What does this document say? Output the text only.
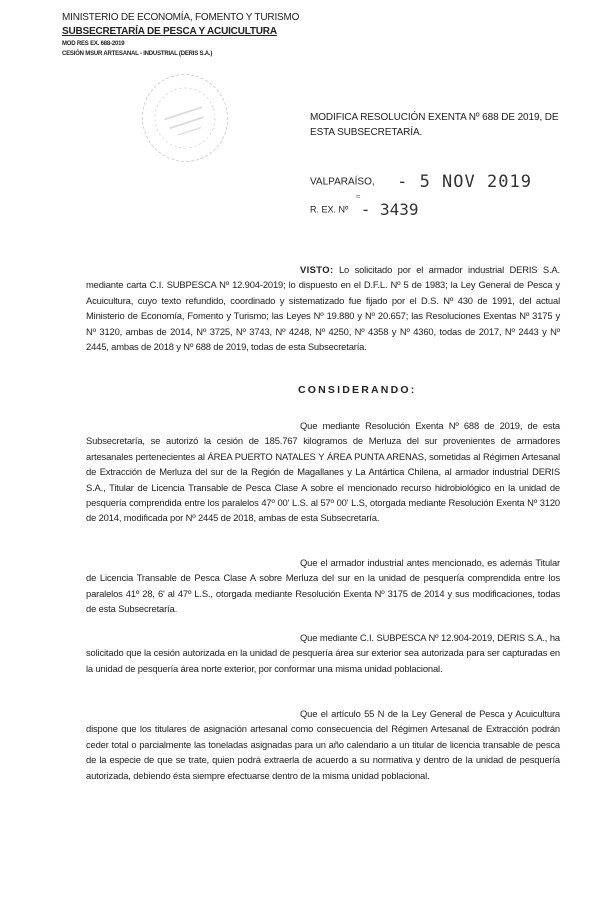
MINISTERIO DE ECONOMÍA, FOMENTO Y TURISMO
SUBSECRETARÍA DE PESCA Y ACUICULTURA
MOD RES EX. 688-2019
CESIÓN MSUR ARTESANAL - INDUSTRIAL (DERIS S.A.)
MODIFICA RESOLUCIÓN EXENTA Nº 688 DE 2019, DE ESTA SUBSECRETARÍA.
VALPARAÍSO, - 5 NOV 2019
≈
R. EX. Nº - 3439
VISTO: Lo solicitado por el armador industrial DERIS S.A. mediante carta C.I. SUBPESCA Nº 12.904-2019; lo dispuesto en el D.F.L. Nº 5 de 1983; la Ley General de Pesca y Acuicultura, cuyo texto refundido, coordinado y sistematizado fue fijado por el D.S. Nº 430 de 1991, del actual Ministerio de Economía, Fomento y Turismo; las Leyes Nº 19.880 y Nº 20.657; las Resoluciones Exentas Nº 3175 y Nº 3120, ambas de 2014, Nº 3725, Nº 3743, Nº 4248, Nº 4250, Nº 4358 y Nº 4360, todas de 2017, Nº 2443 y Nº 2445, ambas de 2018 y Nº 688 de 2019, todas de esta Subsecretaría.
CONSIDERANDO:
Que mediante Resolución Exenta Nº 688 de 2019, de esta Subsecretaría, se autorizó la cesión de 185.767 kilogramos de Merluza del sur provenientes de armadores artesanales pertenecientes al ÁREA PUERTO NATALES Y ÁREA PUNTA ARENAS, sometidas al Régimen Artesanal de Extracción de Merluza del sur de la Región de Magallanes y La Antártica Chilena, al armador industrial DERIS S.A., Titular de Licencia Transable de Pesca Clase A sobre el mencionado recurso hidrobiológico en la unidad de pesquería comprendida entre los paralelos 47º 00' L.S. al 57º 00' L.S, otorgada mediante Resolución Exenta Nº 3120 de 2014, modificada por Nº 2445 de 2018, ambas de esta Subsecretaría.
Que el armador industrial antes mencionado, es además Titular de Licencia Transable de Pesca Clase A sobre Merluza del sur en la unidad de pesquería comprendida entre los paralelos 41º 28, 6' al 47º L.S., otorgada mediante Resolución Exenta Nº 3175 de 2014 y sus modificaciones, todas de esta Subsecretaría.
Que mediante C.I. SUBPESCA Nº 12.904-2019, DERIS S.A., ha solicitado que la cesión autorizada en la unidad de pesquería área sur exterior sea autorizada para ser capturadas en la unidad de pesquería área norte exterior, por conformar una misma unidad poblacional.
Que el artículo 55 N de la Ley General de Pesca y Acuicultura dispone que los titulares de asignación artesanal como consecuencia del Régimen Artesanal de Extracción podrán ceder total o parcialmente las toneladas asignadas para un año calendario a un titular de licencia transable de pesca de la especie de que se trate, quien podrá extraerla de acuerdo a su normativa y dentro de la unidad de pesquería autorizada, debiendo ésta siempre efectuarse dentro de la misma unidad poblacional.
